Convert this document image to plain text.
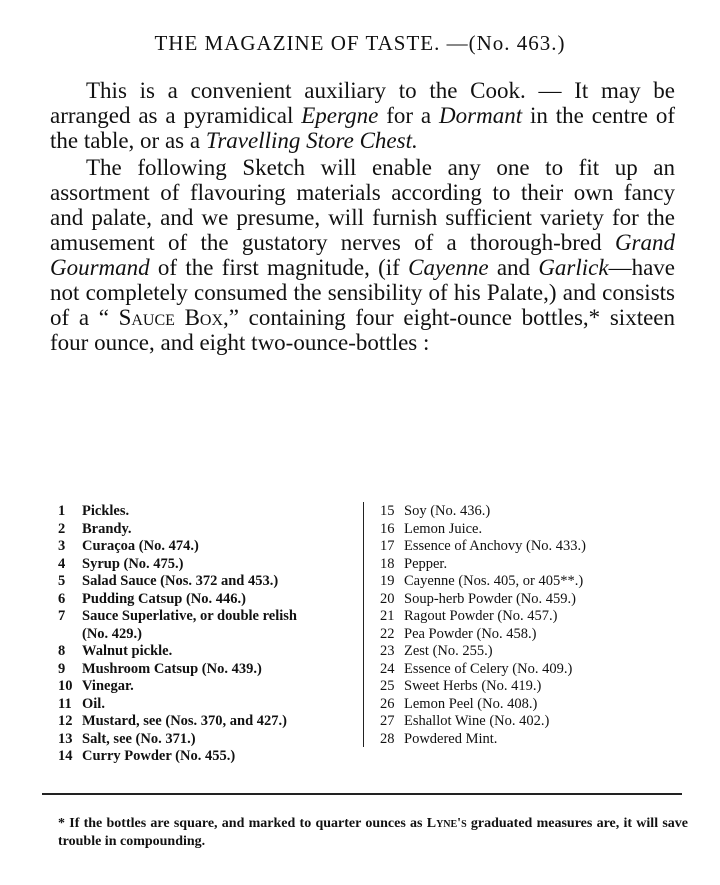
THE MAGAZINE OF TASTE. —(No. 463.)

This is a convenient auxiliary to the Cook. — It may be arranged as a pyramidical Epergne for a Dormant in the centre of the table, or as a Travelling Store Chest.

The following Sketch will enable any one to fit up an assortment of flavouring materials according to their own fancy and palate, and we presume, will furnish sufficient variety for the amusement of the gustatory nerves of a thorough-bred Grand Gourmand of the first magnitude, (if Cayenne and Garlick—have not completely consumed the sensibility of his Palate,) and consists of a “ Sauce Box,” containing four eight-ounce bottles,* sixteen four ounce, and eight two-ounce-bottles :

1	Pickles.
2	Brandy.
3	Curaçoa (No. 474.)
4	Syrup (No. 475.)
5	Salad Sauce (Nos. 372 and 453.)
6	Pudding Catsup (No. 446.)
7	Sauce Superlative, or double relish
(No. 429.)
8	Walnut pickle.
9	Mushroom Catsup (No. 439.)
10 Vinegar.
11 Oil.
12 Mustard, see (Nos. 370, and 427.)
13 Salt, see (No. 371.)
14 Curry Powder (No. 455.)
15 Soy (No. 436.)
16 Lemon Juice.
17 Essence of Anchovy (No. 433.)
18 Pepper.
19 Cayenne (Nos. 405, or 405**.)
20 Soup-herb Powder (No. 459.)
21 Ragout Powder (No. 457.)
22 Pea Powder (No. 458.)
23 Zest (No. 255.)
24 Essence of Celery (No. 409.)
25 Sweet Herbs (No. 419.)
26 Lemon Peel (No. 408.)
27 Eshallot Wine (No. 402.)
28 Powdered Mint.

* If the bottles are square, and marked to quarter ounces as Lyne's graduated measures are, it will save trouble in compounding.
